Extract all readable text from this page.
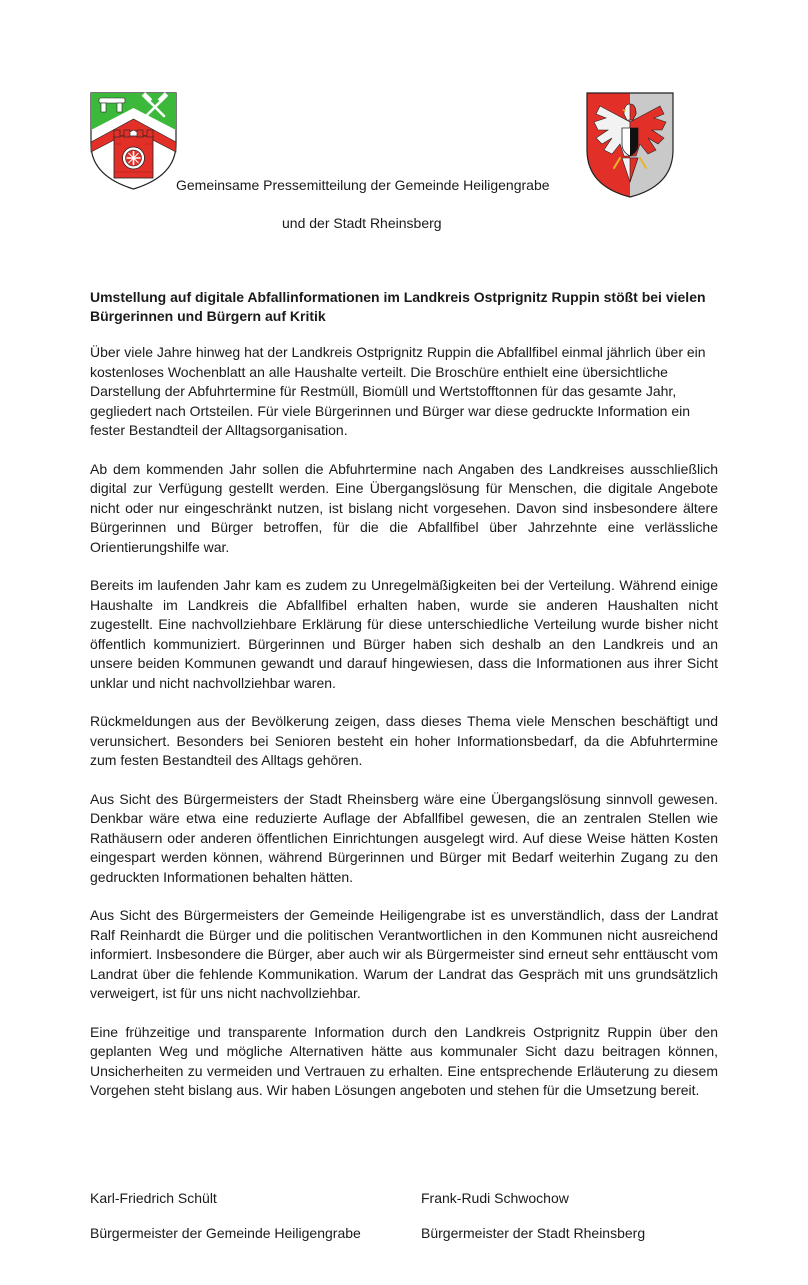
Gemeinsame Pressemitteilung der Gemeinde Heiligengrabe
und der Stadt Rheinsberg
Umstellung auf digitale Abfallinformationen im Landkreis Ostprignitz Ruppin stößt bei vielen Bürgerinnen und Bürgern auf Kritik

Über viele Jahre hinweg hat der Landkreis Ostprignitz Ruppin die Abfallfibel einmal jährlich über ein kostenloses Wochenblatt an alle Haushalte verteilt. Die Broschüre enthielt eine übersichtliche Darstellung der Abfuhrtermine für Restmüll, Biomüll und Wertstofftonnen für das gesamte Jahr, gegliedert nach Ortsteilen. Für viele Bürgerinnen und Bürger war diese gedruckte Information ein fester Bestandteil der Alltagsorganisation.

Ab dem kommenden Jahr sollen die Abfuhrtermine nach Angaben des Landkreises ausschließlich digital zur Verfügung gestellt werden. Eine Übergangslösung für Menschen, die digitale Angebote nicht oder nur eingeschränkt nutzen, ist bislang nicht vorgesehen. Davon sind insbesondere ältere Bürgerinnen und Bürger betroffen, für die die Abfallfibel über Jahrzehnte eine verlässliche Orientierungshilfe war.

Bereits im laufenden Jahr kam es zudem zu Unregelmäßigkeiten bei der Verteilung. Während einige Haushalte im Landkreis die Abfallfibel erhalten haben, wurde sie anderen Haushalten nicht zugestellt. Eine nachvollziehbare Erklärung für diese unterschiedliche Verteilung wurde bisher nicht öffentlich kommuniziert. Bürgerinnen und Bürger haben sich deshalb an den Landkreis und an unsere beiden Kommunen gewandt und darauf hingewiesen, dass die Informationen aus ihrer Sicht unklar und nicht nachvollziehbar waren.

Rückmeldungen aus der Bevölkerung zeigen, dass dieses Thema viele Menschen beschäftigt und verunsichert. Besonders bei Senioren besteht ein hoher Informationsbedarf, da die Abfuhrtermine zum festen Bestandteil des Alltags gehören.

Aus Sicht des Bürgermeisters der Stadt Rheinsberg wäre eine Übergangslösung sinnvoll gewesen. Denkbar wäre etwa eine reduzierte Auflage der Abfallfibel gewesen, die an zentralen Stellen wie Rathäusern oder anderen öffentlichen Einrichtungen ausgelegt wird. Auf diese Weise hätten Kosten eingespart werden können, während Bürgerinnen und Bürger mit Bedarf weiterhin Zugang zu den gedruckten Informationen behalten hätten.

Aus Sicht des Bürgermeisters der Gemeinde Heiligengrabe ist es unverständlich, dass der Landrat Ralf Reinhardt die Bürger und die politischen Verantwortlichen in den Kommunen nicht ausreichend informiert. Insbesondere die Bürger, aber auch wir als Bürgermeister sind erneut sehr enttäuscht vom Landrat über die fehlende Kommunikation. Warum der Landrat das Gespräch mit uns grundsätzlich verweigert, ist für uns nicht nachvollziehbar.

Eine frühzeitige und transparente Information durch den Landkreis Ostprignitz Ruppin über den geplanten Weg und mögliche Alternativen hätte aus kommunaler Sicht dazu beitragen können, Unsicherheiten zu vermeiden und Vertrauen zu erhalten. Eine entsprechende Erläuterung zu diesem Vorgehen steht bislang aus. Wir haben Lösungen angeboten und stehen für die Umsetzung bereit.

Karl-Friedrich Schült
Bürgermeister der Gemeinde Heiligengrabe
Frank-Rudi Schwochow
Bürgermeister der Stadt Rheinsberg
